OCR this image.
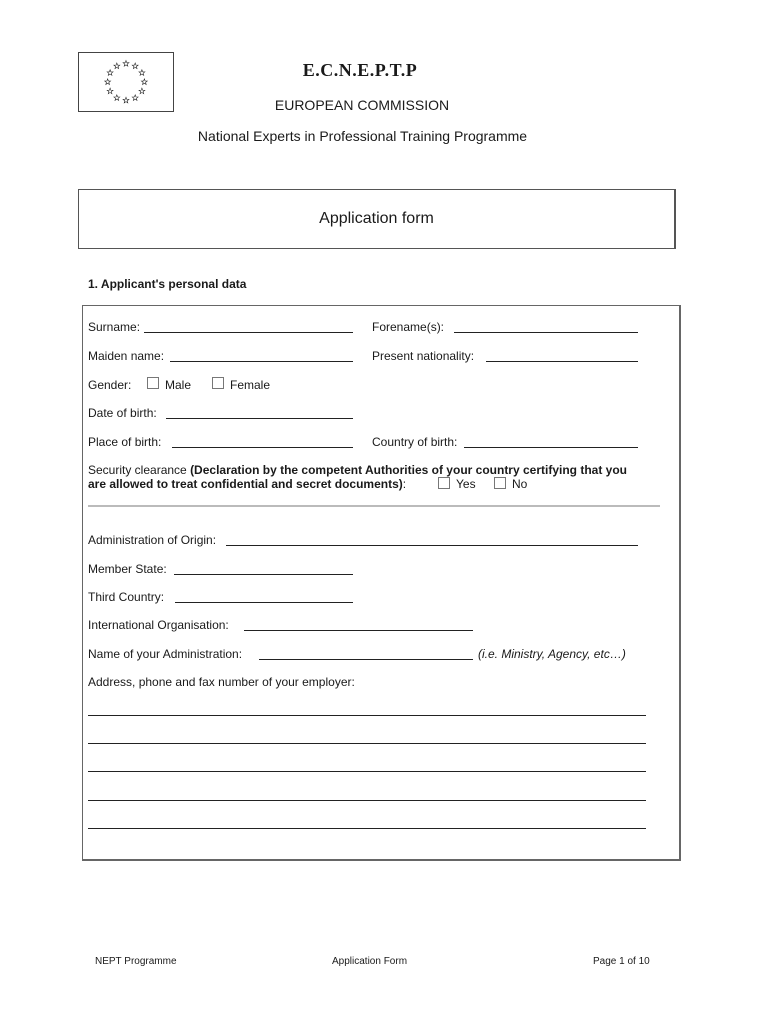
E.C.N.E.P.T.P
EUROPEAN COMMISSION
National Experts in Professional Training Programme
Application form
1. Applicant's personal data
Surname:	Forename(s):
Maiden name:	Present nationality:
Gender:	Male	Female
Date of birth:
Place of birth:	Country of birth:
Security clearance (Declaration by the competent Authorities of your country certifying that you
are allowed to treat confidential and secret documents):	Yes	No
Administration of Origin:
Member State:
Third Country:
International Organisation:
Name of your Administration:	(i.e. Ministry, Agency, etc…)
Address, phone and fax number of your employer:
NEPT Programme	Application Form	Page 1 of 10
